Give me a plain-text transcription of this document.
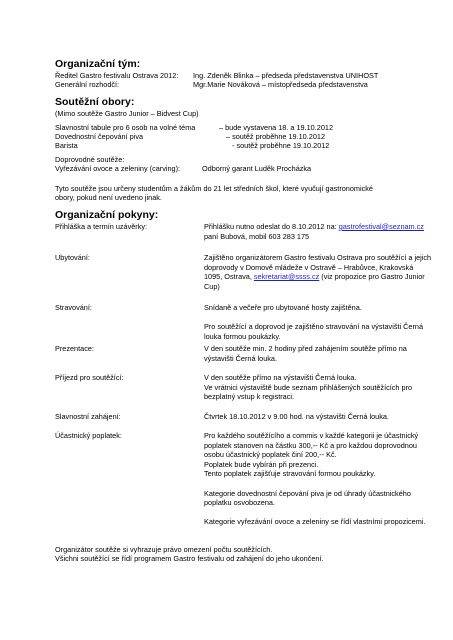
Organizační tým:
Ředitel Gastro festivalu Ostrava 2012: Ing. Zdeněk Blinka – předseda představenstva UNIHOST
Generální rozhodčí:	Mgr.Marie Nováková – místopředseda představenstva
Soutěžní obory:
(Mimo soutěže Gastro Junior – Bidvest Cup)
Slavnostní tabule pro 6 osob na volné téma	– bude vystavena 18. a 19.10.2012
Dovednostní čepování piva	– soutěž proběhne 19.10.2012
Barista	- soutěž proběhne 19.10.2012
Doprovodné soutěže:
Vyřezávání ovoce a zeleniny (carving):	Odborný garant Luděk Procházka
Tyto soutěže jsou určeny studentům a žákům do 21 let středních škol, které vyučují gastronomické
obory, pokud není uvedeno jinak.
Organizační pokyny:
Přihláška a termín uzávěrky:	Přihlášku nutno odeslat do 8.10.2012 na: gastrofestival@seznam.cz
paní Bubová, mobil 603 283 175
Ubytování:	Zajištěno organizátorem Gastro festivalu Ostrava pro soutěžící a jejich
doprovody v Domově mládeže v Ostravě – Hrabůvce, Krakovská
1095, Ostrava, sekretariat@ssss.cz (viz propozice pro Gastro Junior
Cup)
Stravování:	Snídaně a večeře pro ubytované hosty zajištěna.
Pro soutěžící a doprovod je zajištěno stravování na výstavišti Černá
louka formou poukázky.
Prezentace:	V den soutěže min. 2 hodiny před zahájením soutěže přímo na
výstavišti Černá louka.
Příjezd pro soutěžící:	V den soutěže přímo na výstavišti Černá louka.
Ve vrátnici výstaviště bude seznam přihlášených soutěžících pro
bezplatný vstup k registraci.
Slavnostní zahájení:	Čtvrtek 18.10.2012 v 9.00 hod. na výstavišti Černá louka.
Účastnický poplatek:	Pro každého soutěžícího a commis v každé kategorii je účastnický
poplatek stanoven na částku 300,-- Kč a pro každou doprovodnou
osobu účastnický poplatek činí 200,-- Kč.
Poplatek bude vybírán při prezenci.
Tento poplatek zajišťuje stravování formou poukázky.
Kategorie dovednostní čepování piva je od úhrady účastnického
poplatku osvobozena.
Kategorie vyřezávání ovoce a zeleniny se řídí vlastními propozicemi.
Organizátor soutěže si vyhrazuje právo omezení počtu soutěžících.
Všichni soutěžící se řídí programem Gastro festivalu od zahájení do jeho ukončení.
